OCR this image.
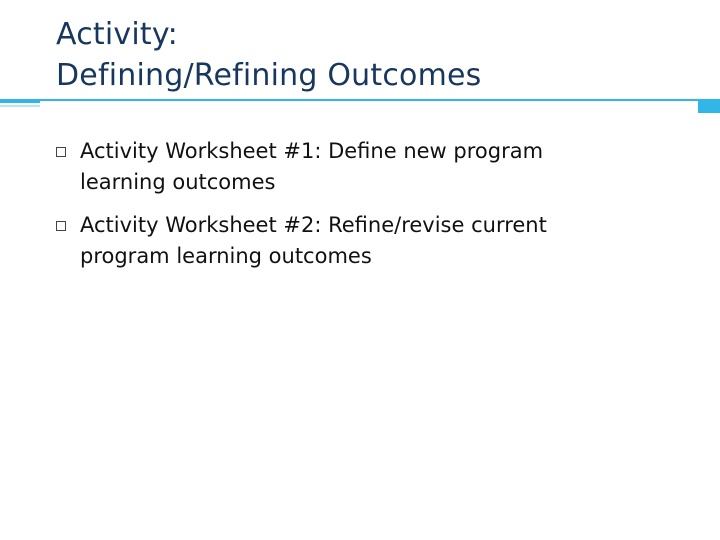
Activity:
Defining/Refining Outcomes
Activity Worksheet #1: Define new program
learning outcomes
Activity Worksheet #2: Refine/revise current
program learning outcomes
